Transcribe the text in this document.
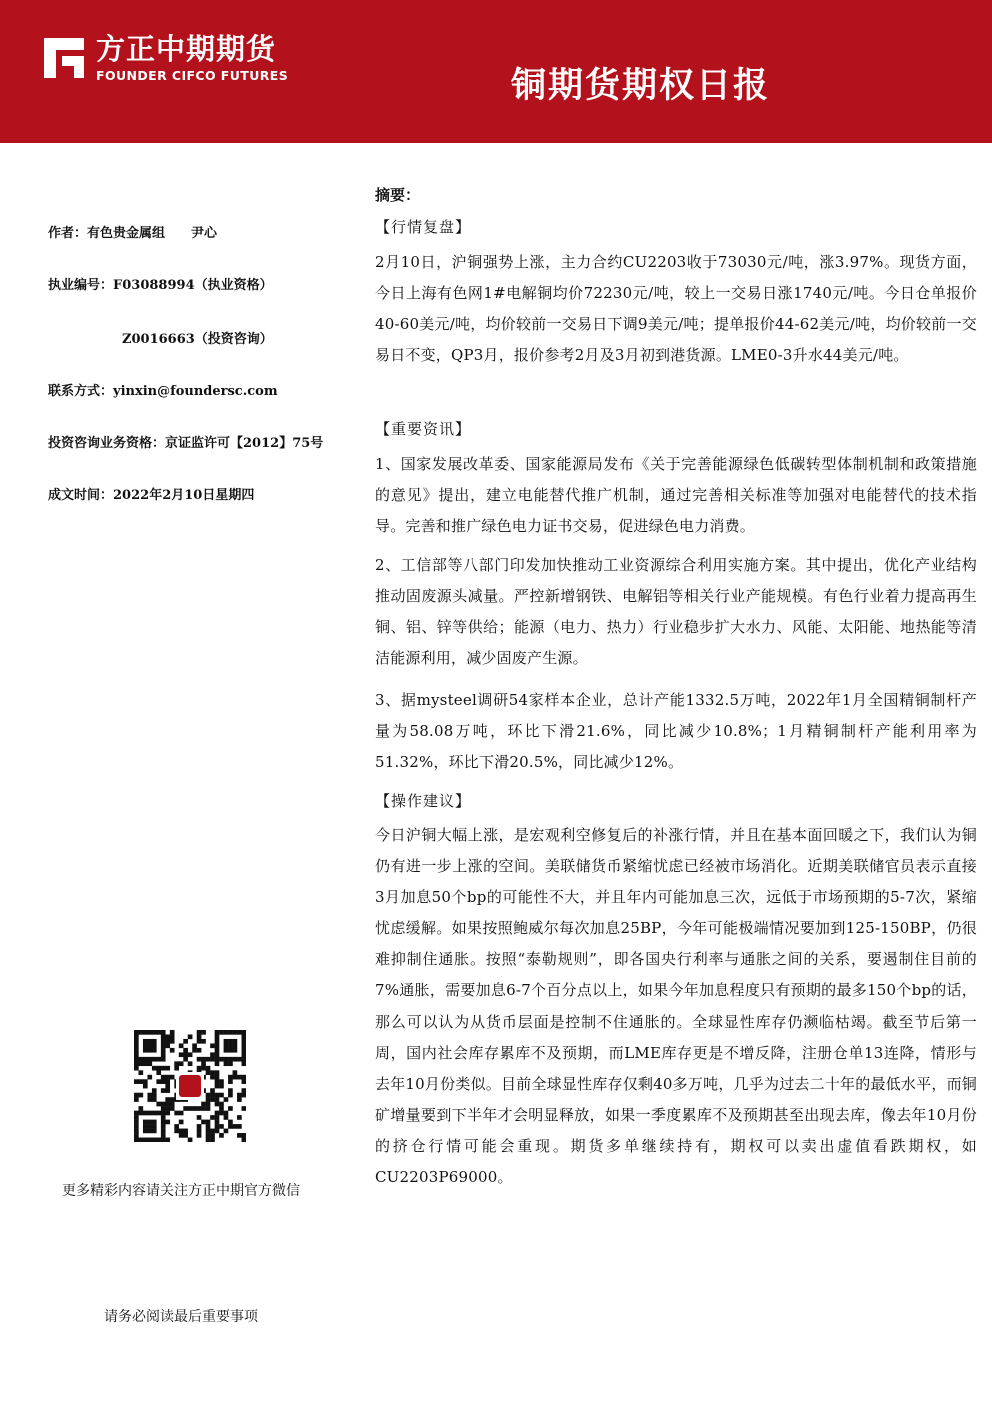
方正中期期货
FOUNDER CIFCO FUTURES	铜期货期权日报
作者：有色贵金属组　　尹心
执业编号：F03088994（执业资格）
Z0016663（投资咨询）
联系方式：yinxin@foundersc.com
投资咨询业务资格：京证监许可【2012】75号
成文时间：2022年2月10日星期四
更多精彩内容请关注方正中期官方微信
请务必阅读最后重要事项
摘要：
【行情复盘】
2月10日，沪铜强势上涨，主力合约CU2203收于73030元/吨，涨3.97%。现货方面，今日上海有色网1#电解铜均价72230元/吨，较上一交易日涨1740元/吨。今日仓单报价40-60美元/吨，均价较前一交易日下调9美元/吨；提单报价44-62美元/吨，均价较前一交易日不变，QP3月，报价参考2月及3月初到港货源。LME0-3升水44美元/吨。
【重要资讯】
1、国家发展改革委、国家能源局发布《关于完善能源绿色低碳转型体制机制和政策措施的意见》提出，建立电能替代推广机制，通过完善相关标准等加强对电能替代的技术指导。完善和推广绿色电力证书交易，促进绿色电力消费。
2、工信部等八部门印发加快推动工业资源综合利用实施方案。其中提出，优化产业结构推动固废源头减量。严控新增钢铁、电解铝等相关行业产能规模。有色行业着力提高再生铜、铝、锌等供给；能源（电力、热力）行业稳步扩大水力、风能、太阳能、地热能等清洁能源利用，减少固废产生源。
3、据mysteel调研54家样本企业，总计产能1332.5万吨，2022年1月全国精铜制杆产量为58.08万吨，环比下滑21.6%，同比减少10.8%；1月精铜制杆产能利用率为51.32%，环比下滑20.5%，同比减少12%。
【操作建议】
今日沪铜大幅上涨，是宏观利空修复后的补涨行情，并且在基本面回暖之下，我们认为铜仍有进一步上涨的空间。美联储货币紧缩忧虑已经被市场消化。近期美联储官员表示直接3月加息50个bp的可能性不大，并且年内可能加息三次，远低于市场预期的5-7次，紧缩忧虑缓解。如果按照鲍威尔每次加息25BP，今年可能极端情况要加到125-150BP，仍很难抑制住通胀。按照“泰勒规则”，即各国央行利率与通胀之间的关系，要遏制住目前的7%通胀，需要加息6-7个百分点以上，如果今年加息程度只有预期的最多150个bp的话，那么可以认为从货币层面是控制不住通胀的。全球显性库存仍濒临枯竭。截至节后第一周，国内社会库存累库不及预期，而LME库存更是不增反降，注册仓单13连降，情形与去年10月份类似。目前全球显性库存仅剩40多万吨，几乎为过去二十年的最低水平，而铜矿增量要到下半年才会明显释放，如果一季度累库不及预期甚至出现去库，像去年10月份的挤仓行情可能会重现。期货多单继续持有，期权可以卖出虚值看跌期权，如CU2203P69000。
